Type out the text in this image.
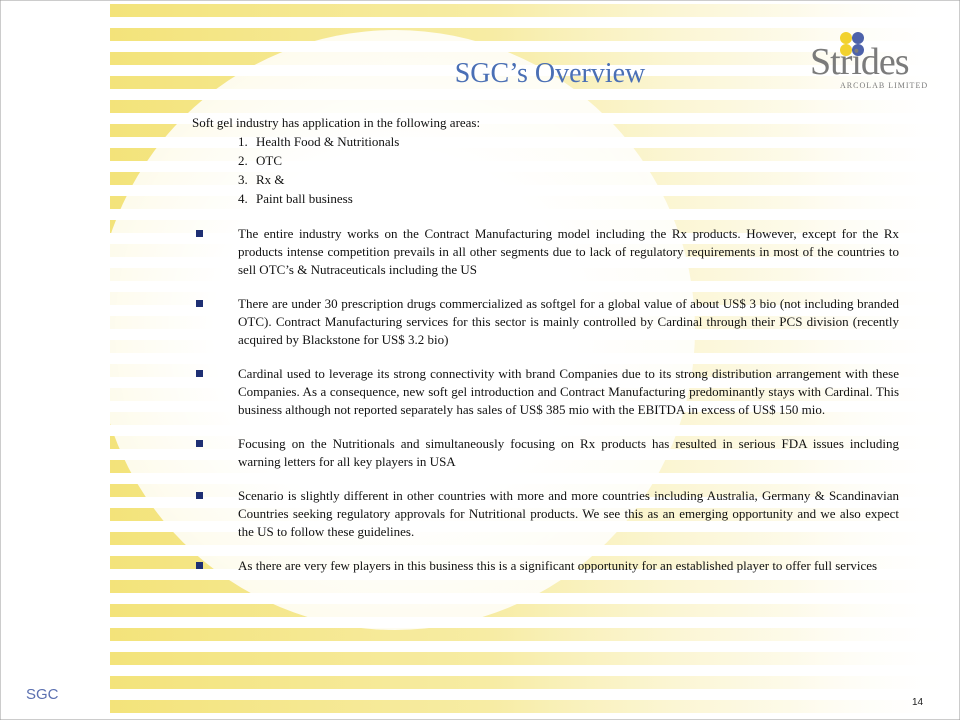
SGC’s Overview	Strides
ARCOLAB LIMITED
Soft gel industry has application in the following areas:
1. Health Food & Nutritionals
2. OTC
3. Rx &
4. Paint ball business
The entire industry works on the Contract Manufacturing model including the Rx products. However, except for the Rx products intense competition prevails in all other segments due to lack of regulatory requirements in most of the countries to sell OTC’s & Nutraceuticals including the US
There are under 30 prescription drugs commercialized as softgel for a global value of about US$ 3 bio (not including branded OTC). Contract Manufacturing services for this sector is mainly controlled by Cardinal through their PCS division (recently acquired by Blackstone for US$ 3.2 bio)
Cardinal used to leverage its strong connectivity with brand Companies due to its strong distribution arrangement with these Companies. As a consequence, new soft gel introduction and Contract Manufacturing predominantly stays with Cardinal. This business although not reported separately has sales of US$ 385 mio with the EBITDA in excess of US$ 150 mio.
Focusing on the Nutritionals and simultaneously focusing on Rx products has resulted in serious FDA issues including warning letters for all key players in USA
Scenario is slightly different in other countries with more and more countries including Australia, Germany & Scandinavian Countries seeking regulatory approvals for Nutritional products. We see this as an emerging opportunity and we also expect the US to follow these guidelines.
As there are very few players in this business this is a significant opportunity for an established player to offer full services
SGC	14
